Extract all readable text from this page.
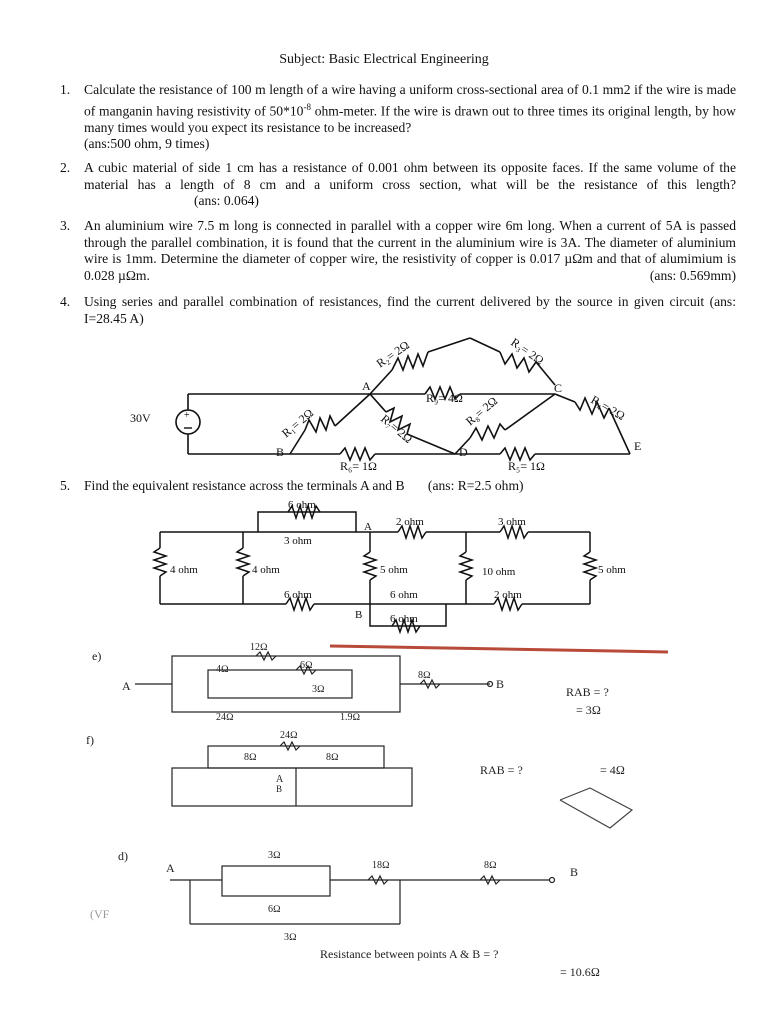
Subject: Basic Electrical Engineering
1.	Calculate the resistance of 100 m length of a wire having a uniform cross-sectional area of 0.1 mm2 if the wire is made of manganin having resistivity of $50*10^{-8}$ ohm-meter. If the wire is drawn out to three times its original length, by how many times would you expect its resistance to be increased?
(ans:500 ohm, 9 times)
2.	A cubic material of side 1 cm has a resistance of 0.001 ohm between its opposite faces. If the same volume of the material has a length of 8 cm and a uniform cross section, what will be the resistance of this length? (ans: 0.064)
3.	An aluminium wire 7.5 m long is connected in parallel with a copper wire 6m long. When a current of 5A is passed through the parallel combination, it is found that the current in the aluminium wire is 3A. The diameter of aluminium wire is 1mm. Determine the diameter of copper wire, the resistivity of copper is 0.017 µΩm and that of alumimium is 0.028 µΩm.	(ans: 0.569mm)
4.	Using series and parallel combination of resistances, find the current delivered by the source in given circuit (ans: I=28.45 A)
+
30V
A
B
C
D	E
R₆= 1Ω	R₅= 1Ω
R₉= 4Ω
R₂= 2Ω	R₃= 2Ω
R₄= 2Ω
R₁= 2Ω	R₇= 2Ω
R₈= 2Ω
5.	Find the equivalent resistance across the terminals A and B (ans: R=2.5 ohm)
6 ohm
3 ohm
A 2 ohm	3 ohm
4 ohm	4 ohm	5 ohm	10 ohm	5 ohm
6 ohm	6 ohm
6 ohm
2 ohm
B
e)
A	B
12Ω
4Ω	6Ω
3Ω
8Ω
24Ω	1.9Ω
RAB = ?
= 3Ω
f)	24Ω
8Ω	8Ω
A
B
RAB = ?	= 4Ω
d)
A	B
3Ω
6Ω
3Ω
18Ω	8Ω
(VF
Resistance between points A & B = ?
= 10.6Ω
